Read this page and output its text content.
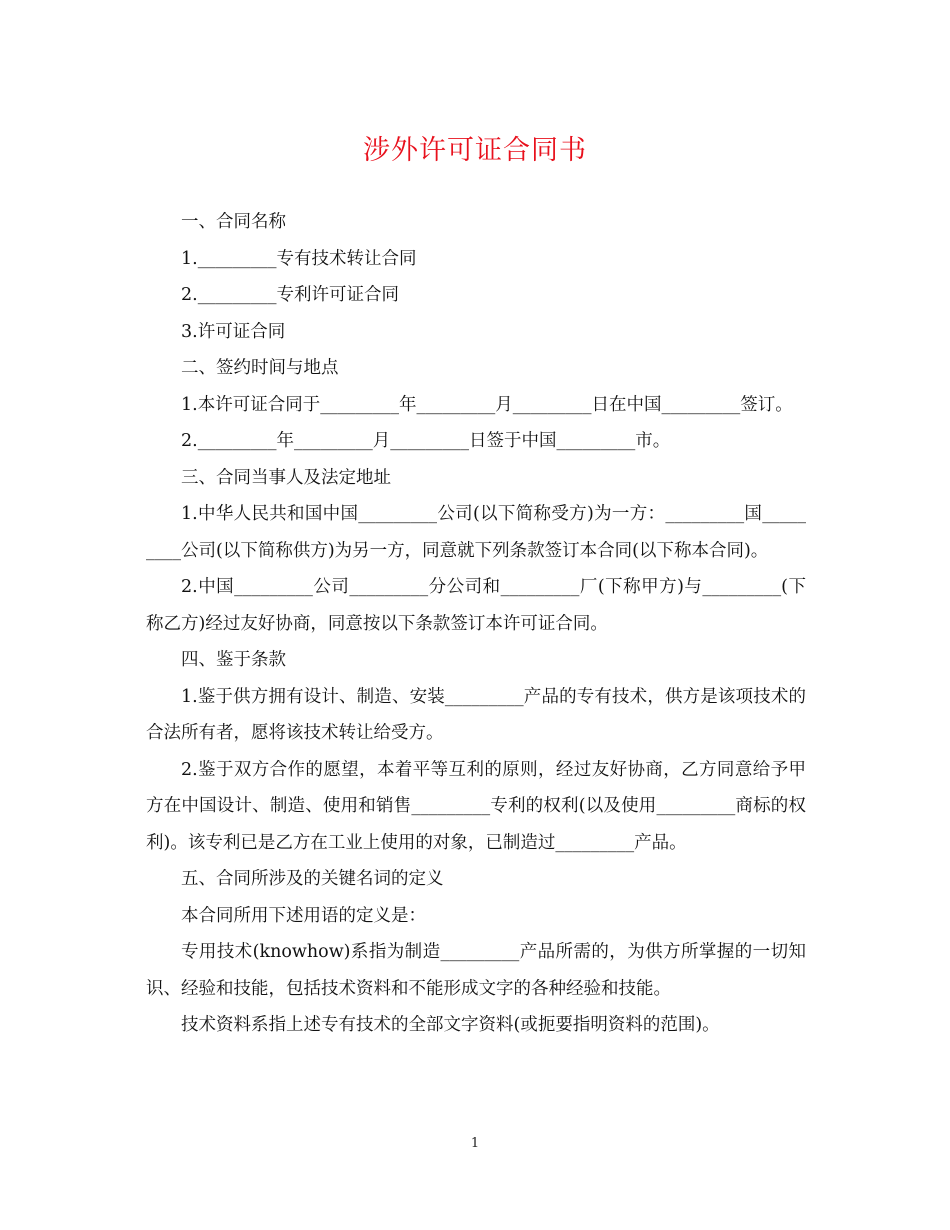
涉外许可证合同书

一、合同名称

1._________专有技术转让合同

2._________专利许可证合同

3.许可证合同

二、签约时间与地点

1.本许可证合同于_________年_________月_________日在中国_________签订。

2._________年_________月_________日签于中国_________市。

三、合同当事人及法定地址

1.中华人民共和国中国_________公司(以下简称受方)为一方：_________国_________公司(以下简称供方)为另一方，同意就下列条款签订本合同(以下称本合同)。

2.中国_________公司_________分公司和_________厂(下称甲方)与_________(下称乙方)经过友好协商，同意按以下条款签订本许可证合同。

四、鉴于条款

1.鉴于供方拥有设计、制造、安装_________产品的专有技术，供方是该项技术的合法所有者，愿将该技术转让给受方。

2.鉴于双方合作的愿望，本着平等互利的原则，经过友好协商，乙方同意给予甲方在中国设计、制造、使用和销售_________专利的权利(以及使用_________商标的权利)。该专利已是乙方在工业上使用的对象，已制造过_________产品。

五、合同所涉及的关键名词的定义

本合同所用下述用语的定义是：

专用技术(knowhow)系指为制造_________产品所需的，为供方所掌握的一切知识、经验和技能，包括技术资料和不能形成文字的各种经验和技能。

技术资料系指上述专有技术的全部文字资料(或扼要指明资料的范围)。

1
